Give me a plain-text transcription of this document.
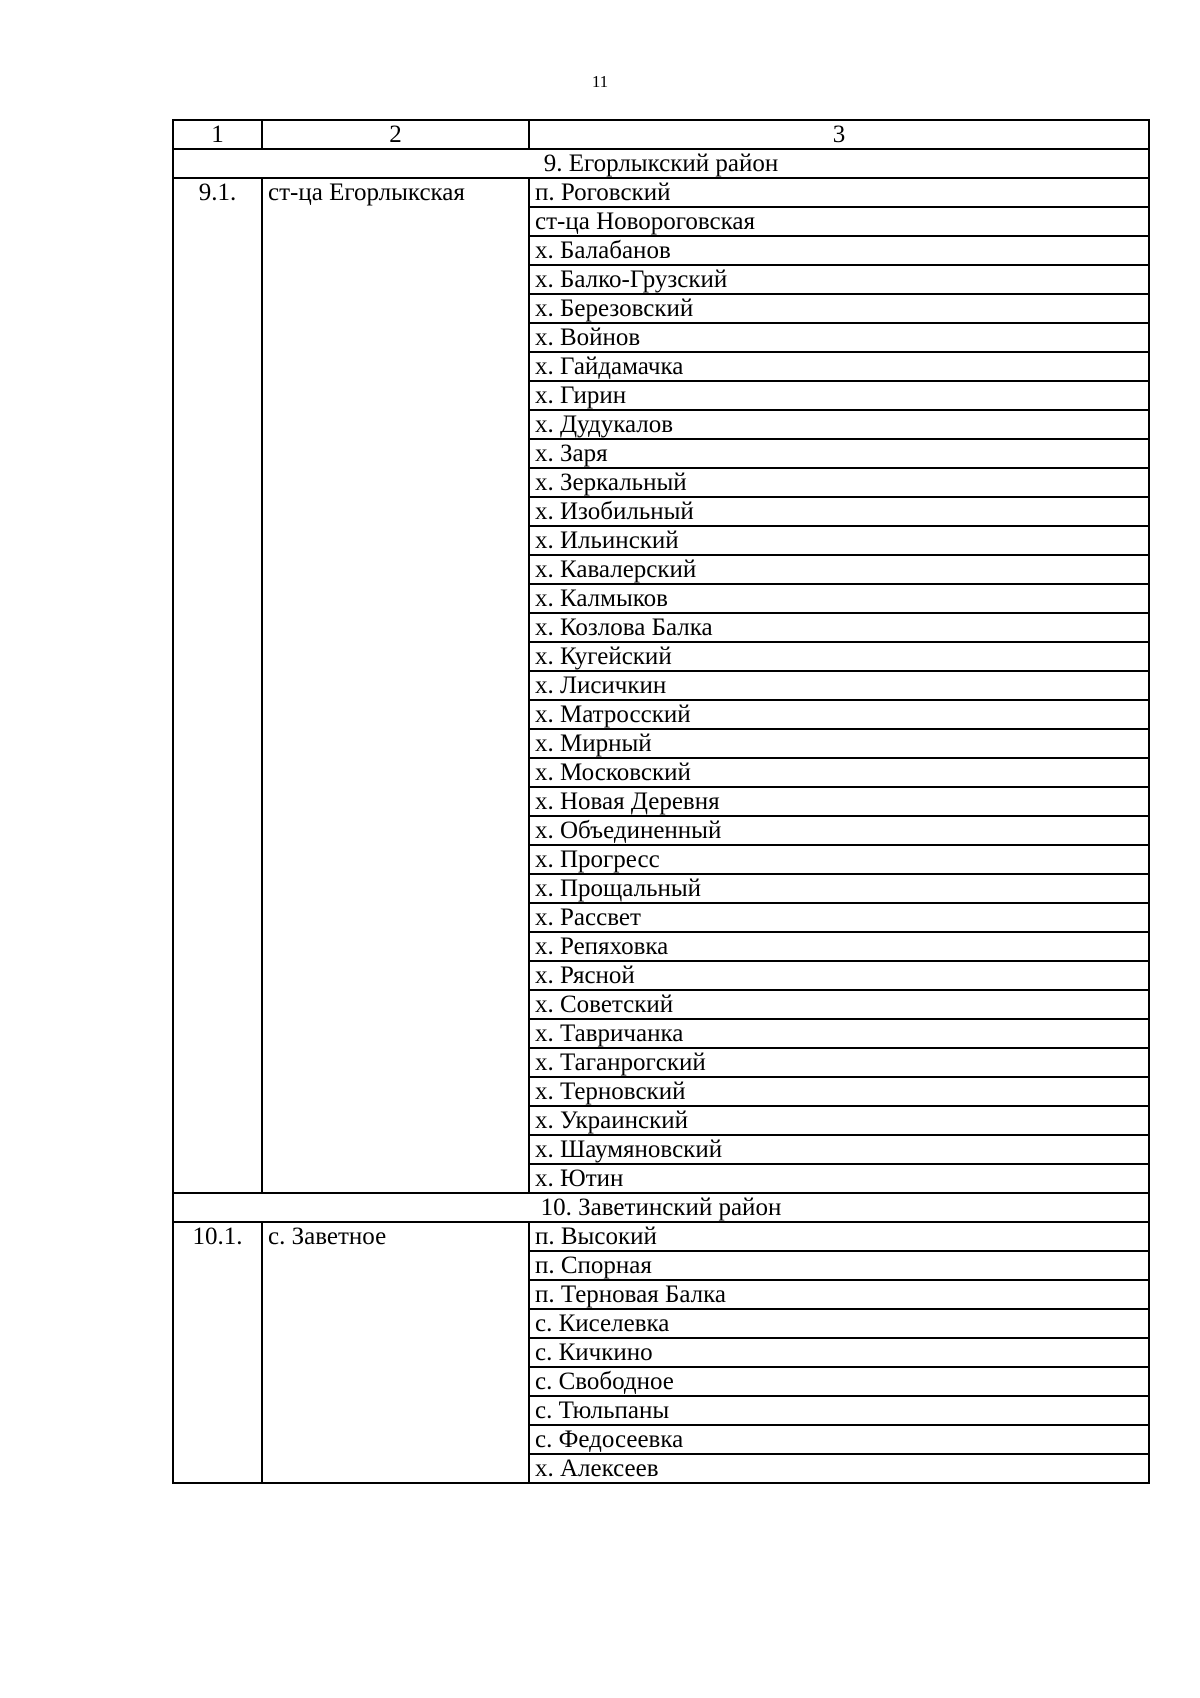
11
1	2	3
9. Егорлыкский район		
9.1.	ст-ца Егорлыкская	п. Роговский
		ст-ца Новороговская
		х. Балабанов
		х. Балко-Грузский
		х. Березовский
		х. Войнов
		х. Гайдамачка
		х. Гирин
		х. Дудукалов
		х. Заря
		х. Зеркальный
		х. Изобильный
		х. Ильинский
		х. Кавалерский
		х. Калмыков
		х. Козлова Балка
		х. Кугейский
		х. Лисичкин
		х. Матросский
		х. Мирный
		х. Московский
		х. Новая Деревня
		х. Объединенный
		х. Прогресс
		х. Прощальный
		х. Рассвет
		х. Репяховка
		х. Рясной
		х. Советский
		х. Тавричанка
		х. Таганрогский
		х. Терновский
		х. Украинский
		х. Шаумяновский
		х. Ютин
10. Заветинский район		
10.1.	с. Заветное	п. Высокий
		п. Спорная
		п. Терновая Балка
		с. Киселевка
		с. Кичкино
		с. Свободное
		с. Тюльпаны
		с. Федосеевка
		х. Алексеев
